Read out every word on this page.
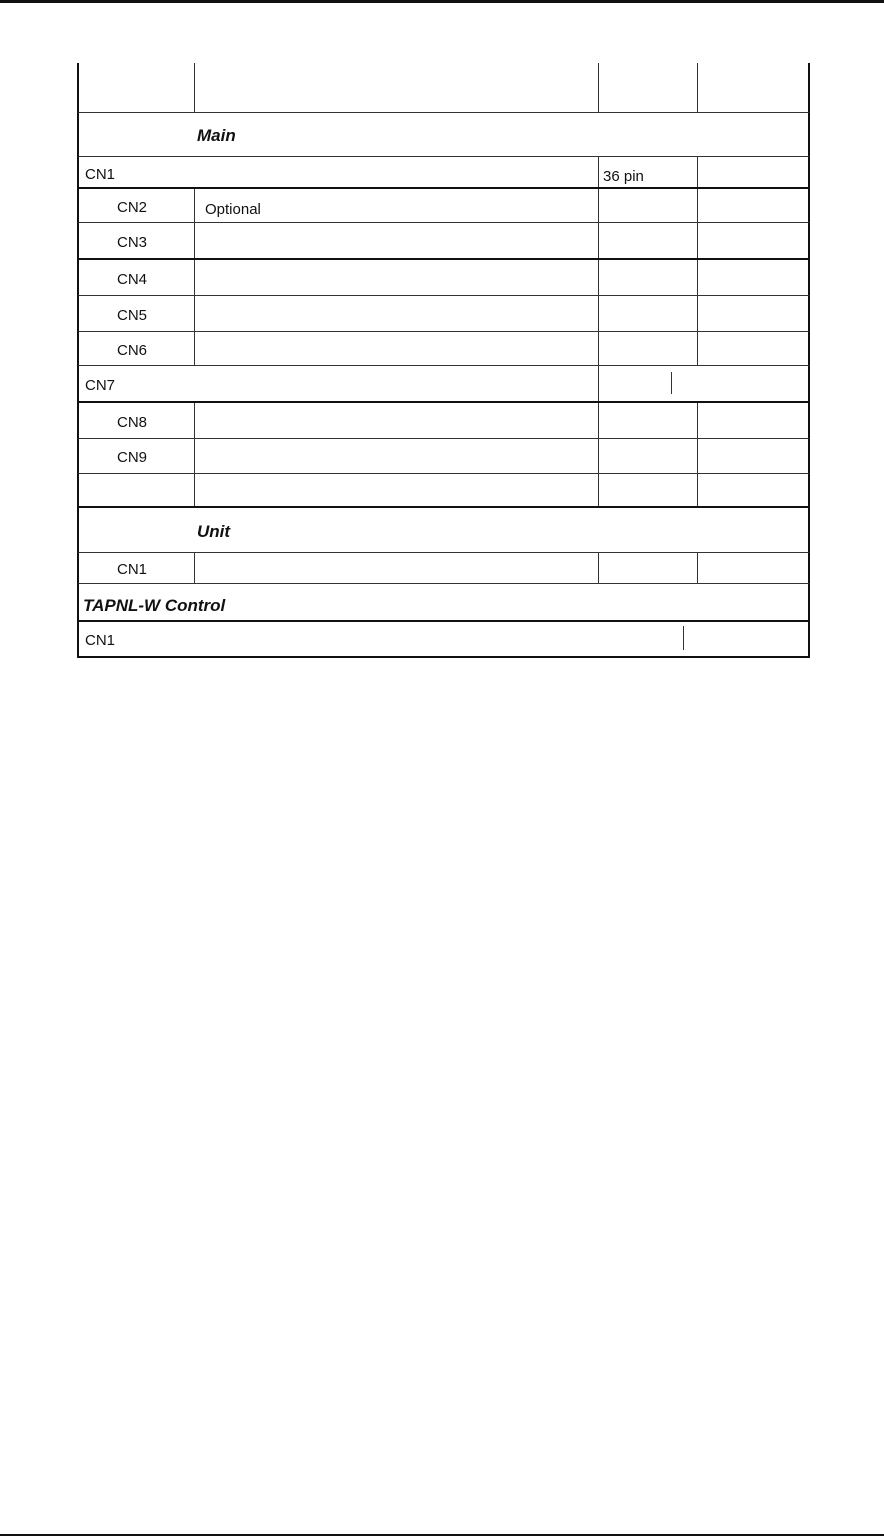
Main
CN1	36 pin
CN2	Optional
CN3
CN4
CN5
CN6
CN7
CN8
CN9
Unit
CN1
TAPNL-W Control
CN1
